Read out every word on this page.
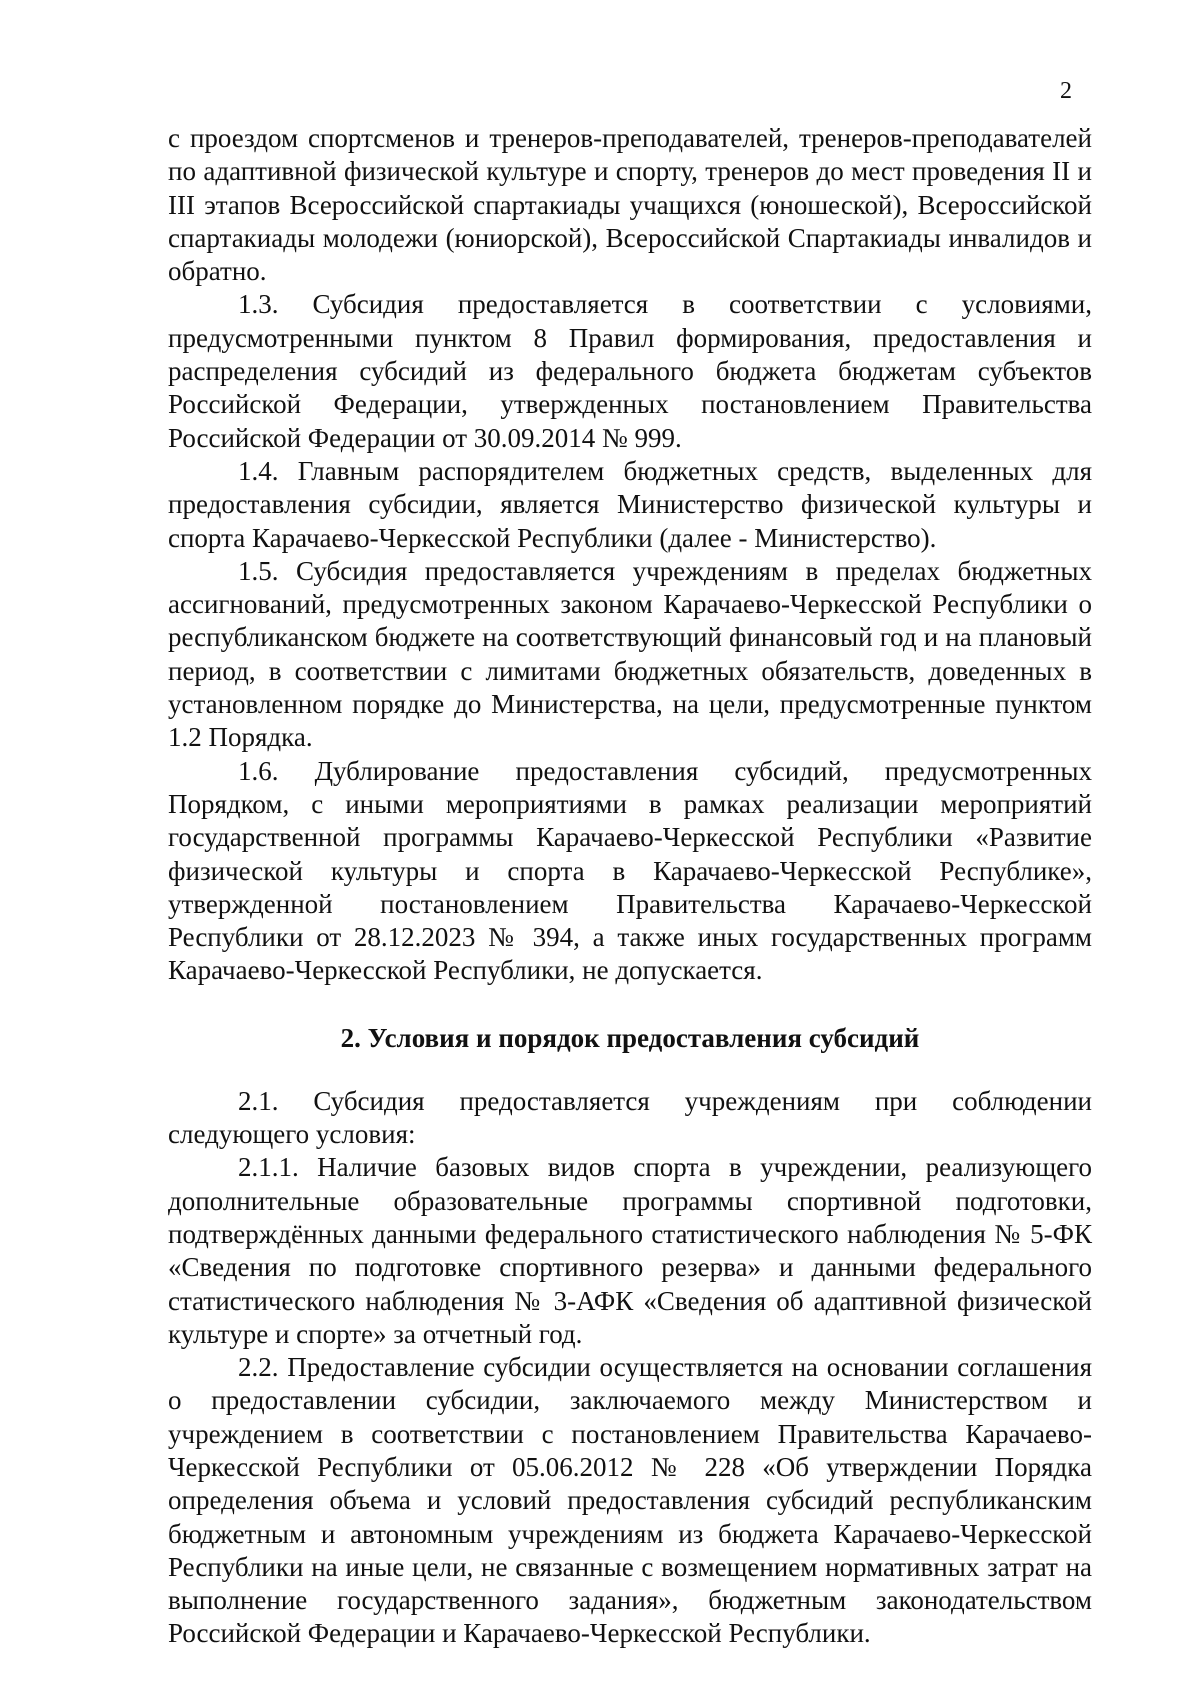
2

с проездом спортсменов и тренеров-преподавателей, тренеров-преподавателей по адаптивной физической культуре и спорту, тренеров до мест проведения II и III этапов Всероссийской спартакиады учащихся (юношеской), Всероссийской спартакиады молодежи (юниорской), Всероссийской Спартакиады инвалидов и обратно.

1.3. Субсидия предоставляется в соответствии с условиями, предусмотренными пунктом 8 Правил формирования, предоставления и распределения субсидий из федерального бюджета бюджетам субъектов Российской Федерации, утвержденных постановлением Правительства Российской Федерации от 30.09.2014 № 999.

1.4. Главным распорядителем бюджетных средств, выделенных для предоставления субсидии, является Министерство физической культуры и спорта Карачаево-Черкесской Республики (далее - Министерство).

1.5. Субсидия предоставляется учреждениям в пределах бюджетных ассигнований, предусмотренных законом Карачаево-Черкесской Республики о республиканском бюджете на соответствующий финансовый год и на плановый период, в соответствии с лимитами бюджетных обязательств, доведенных в установленном порядке до Министерства, на цели, предусмотренные пунктом 1.2 Порядка.

1.6. Дублирование предоставления субсидий, предусмотренных Порядком, с иными мероприятиями в рамках реализации мероприятий государственной программы Карачаево-Черкесской Республики «Развитие физической культуры и спорта в Карачаево-Черкесской Республике», утвержденной постановлением Правительства Карачаево-Черкесской Республики от 28.12.2023 № 394, а также иных государственных программ Карачаево-Черкесской Республики, не допускается.

2. Условия и порядок предоставления субсидий

2.1. Субсидия предоставляется учреждениям при соблюдении следующего условия:

2.1.1. Наличие базовых видов спорта в учреждении, реализующего дополнительные образовательные программы спортивной подготовки, подтверждённых данными федерального статистического наблюдения № 5-ФК «Сведения по подготовке спортивного резерва» и данными федерального статистического наблюдения № 3-АФК «Сведения об адаптивной физической культуре и спорте» за отчетный год.

2.2. Предоставление субсидии осуществляется на основании соглашения о предоставлении субсидии, заключаемого между Министерством и учреждением в соответствии с постановлением Правительства Карачаево-Черкесской Республики от 05.06.2012 № 228 «Об утверждении Порядка определения объема и условий предоставления субсидий республиканским бюджетным и автономным учреждениям из бюджета Карачаево-Черкесской Республики на иные цели, не связанные с возмещением нормативных затрат на выполнение государственного задания», бюджетным законодательством Российской Федерации и Карачаево-Черкесской Республики.
